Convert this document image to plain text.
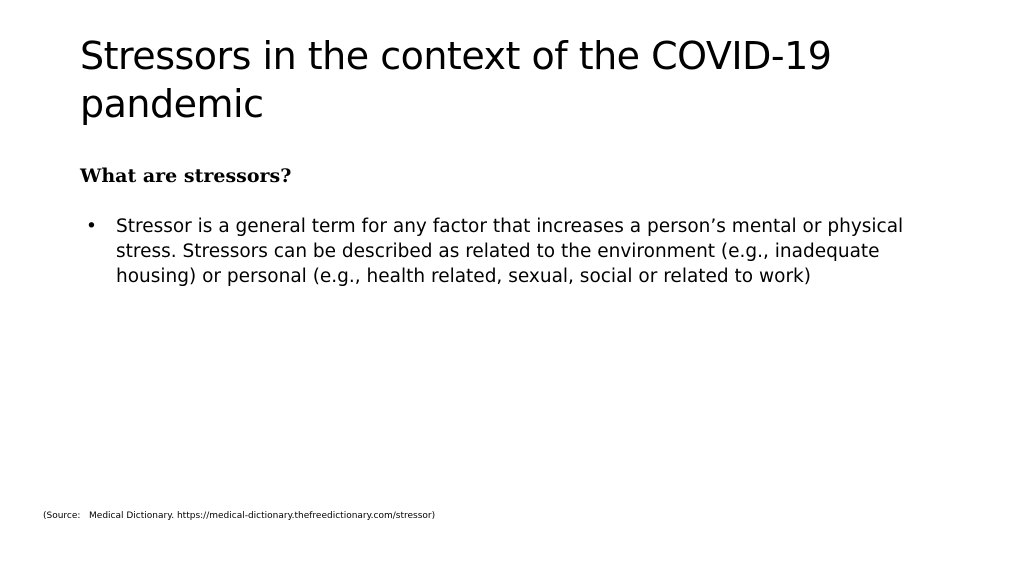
Stressors in the context of the COVID-19 pandemic
What are stressors?
• Stressor is a general term for any factor that increases a person’s mental or physical stress. Stressors can be described as related to the environment (e.g., inadequate housing) or personal (e.g., health related, sexual, social or related to work)
(Source:   Medical Dictionary. https://medical-dictionary.thefreedictionary.com/stressor)
